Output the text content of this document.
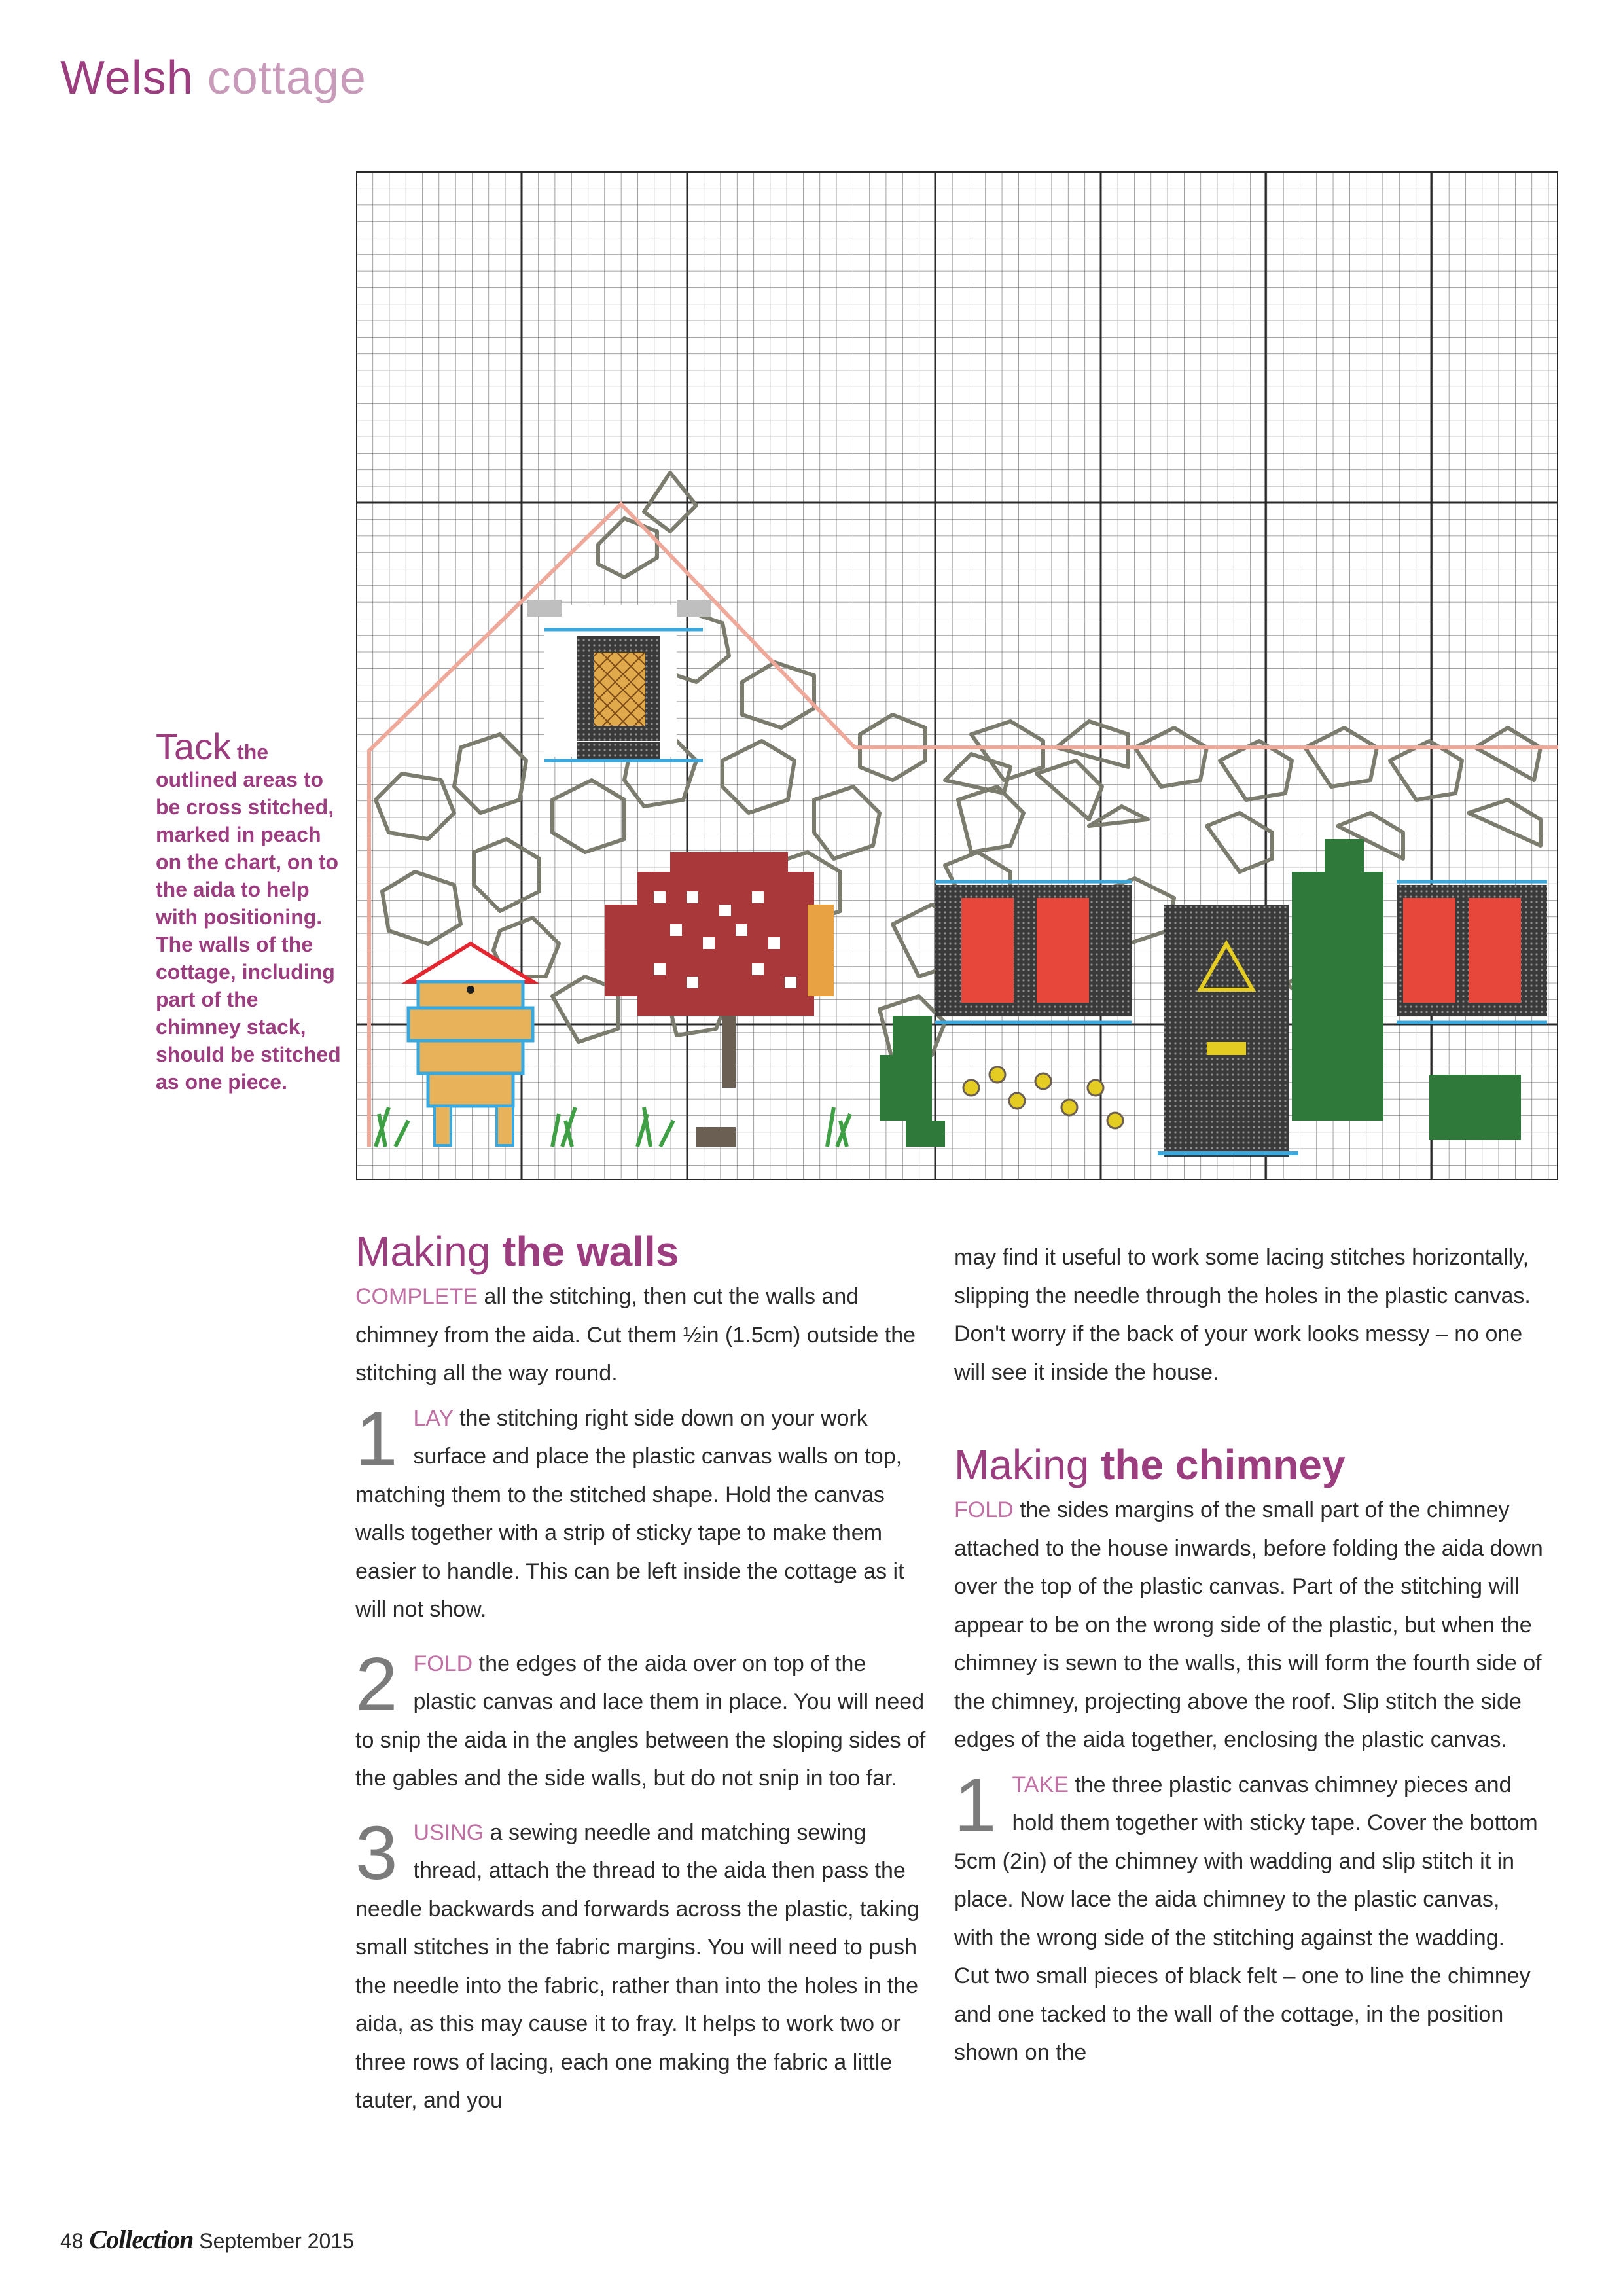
Welsh cottage
Tack the outlined areas to be cross stitched, marked in peach on the chart, on to the aida to help with positioning. The walls of the cottage, including part of the chimney stack, should be stitched as one piece.
Making the walls

COMPLETE all the stitching, then cut the walls and chimney from the aida. Cut them ½in (1.5cm) outside the stitching all the way round.

1 LAY the stitching right side down on your work surface and place the plastic canvas walls on top, matching them to the stitched shape. Hold the canvas walls together with a strip of sticky tape to make them easier to handle. This can be left inside the cottage as it will not show.

2 FOLD the edges of the aida over on top of the plastic canvas and lace them in place. You will need to snip the aida in the angles between the sloping sides of the gables and the side walls, but do not snip in too far.

3 USING a sewing needle and matching sewing thread, attach the thread to the aida then pass the needle backwards and forwards across the plastic, taking small stitches in the fabric margins. You will need to push the needle into the fabric, rather than into the holes in the aida, as this may cause it to fray. It helps to work two or three rows of lacing, each one making the fabric a little tauter, and you

may find it useful to work some lacing stitches horizontally, slipping the needle through the holes in the plastic canvas. Don't worry if the back of your work looks messy – no one will see it inside the house.

Making the chimney

FOLD the sides margins of the small part of the chimney attached to the house inwards, before folding the aida down over the top of the plastic canvas. Part of the stitching will appear to be on the wrong side of the plastic, but when the chimney is sewn to the walls, this will form the fourth side of the chimney, projecting above the roof. Slip stitch the side edges of the aida together, enclosing the plastic canvas.

1 TAKE the three plastic canvas chimney pieces and hold them together with sticky tape. Cover the bottom 5cm (2in) of the chimney with wadding and slip stitch it in place. Now lace the aida chimney to the plastic canvas, with the wrong side of the stitching against the wadding. Cut two small pieces of black felt – one to line the chimney and one tacked to the wall of the cottage, in the position shown on the

48 Collection September 2015
